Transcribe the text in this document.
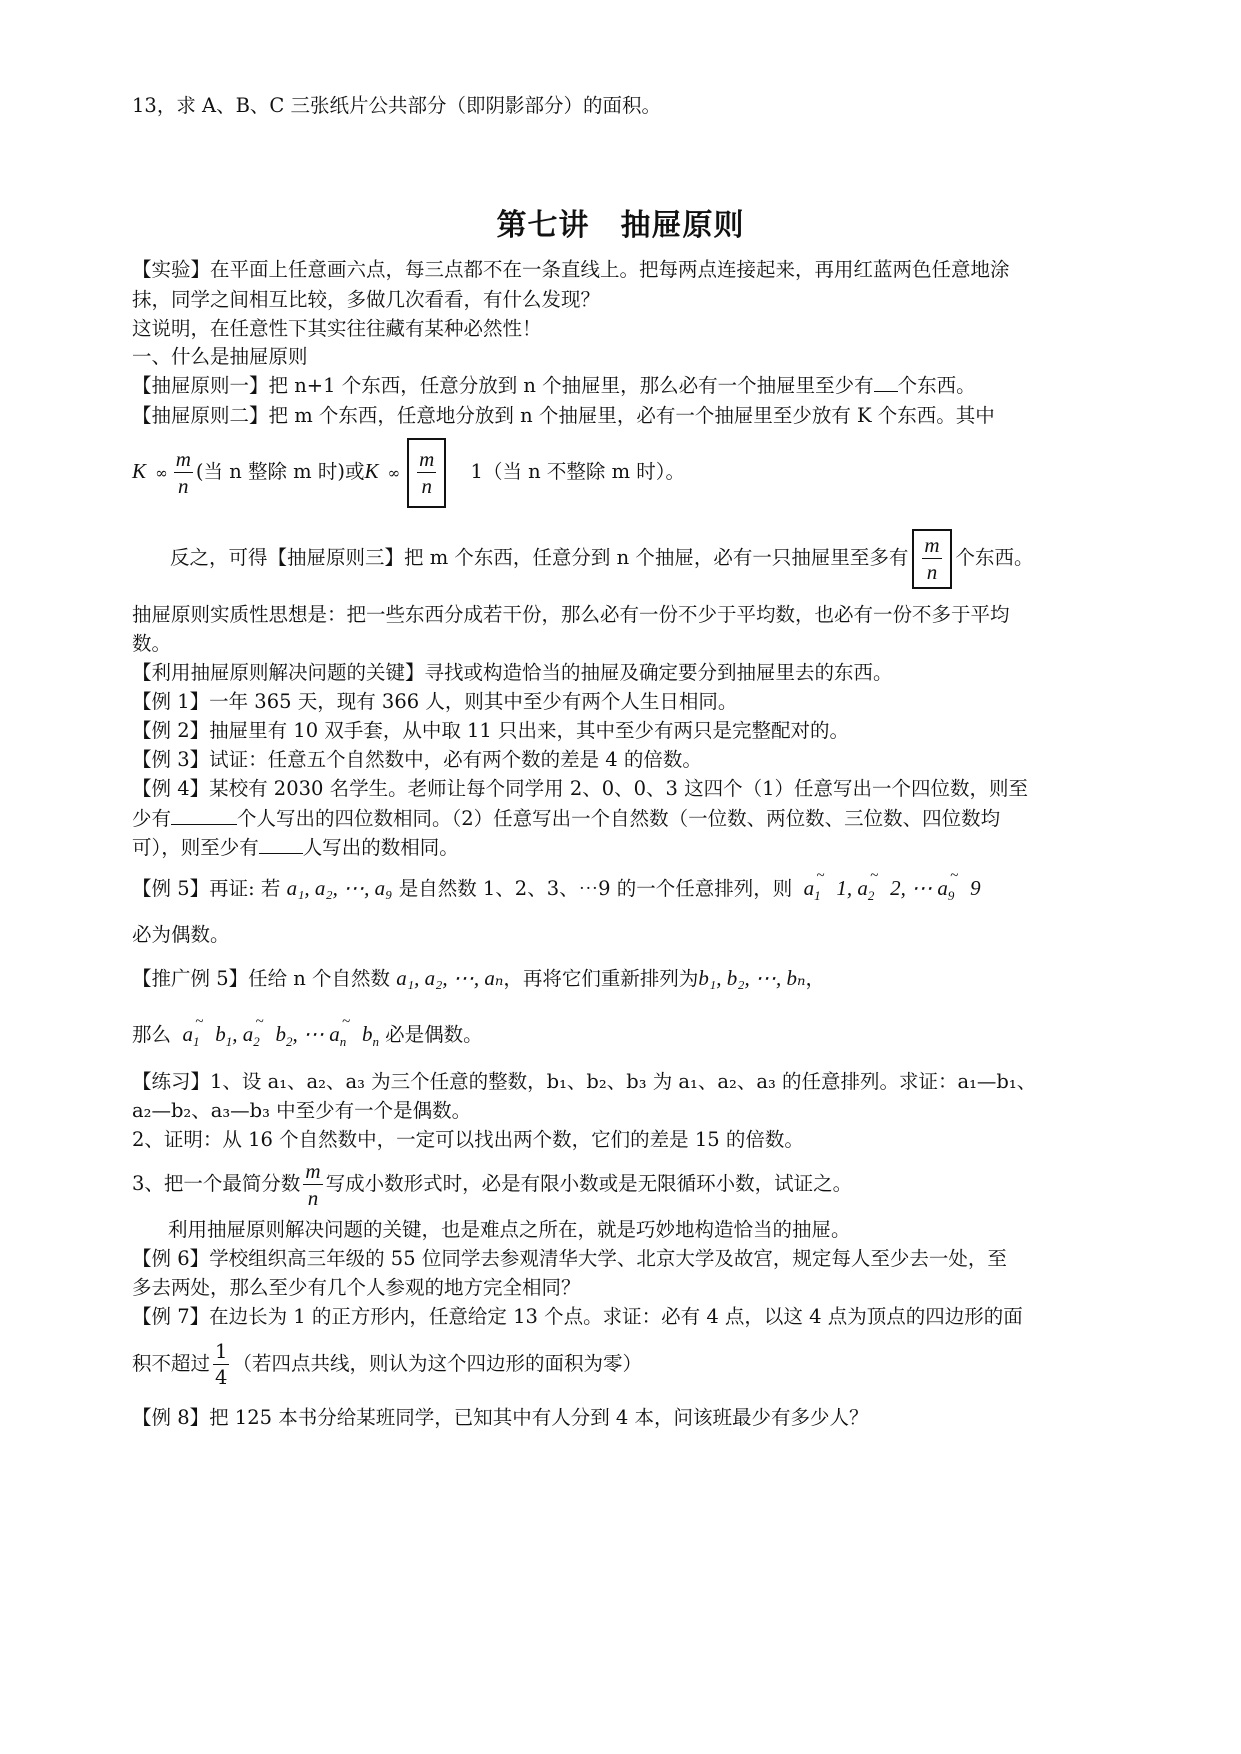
13，求 A、B、C 三张纸片公共部分（即阴影部分）的面积。
第七讲　抽屉原则
【实验】在平面上任意画六点，每三点都不在一条直线上。把每两点连接起来，再用红蓝两色任意地涂
抹，同学之间相互比较，多做几次看看，有什么发现？
这说明，在任意性下其实往往藏有某种必然性！
一、什么是抽屉原则
【抽屉原则一】把 n+1 个东西，任意分放到 n 个抽屉里，那么必有一个抽屉里至少有 个东西。
【抽屉原则二】把 m 个东西，任意地分放到 n 个抽屉里，必有一个抽屉里至少放有 K 个东西。其中
K ∞ $\frac{m}{n}$ (当 n 整除 m 时)或K ∞ $\frac{m}{n} 1$（当 n 不整除 m 时）。
反之，可得【抽屉原则三】把 m 个东西，任意分到 n 个抽屉，必有一只抽屉里至多有 $\frac{m}{n}$ 个东西。
抽屉原则实质性思想是：把一些东西分成若干份，那么必有一份不少于平均数，也必有一份不多于平均
数。
【利用抽屉原则解决问题的关键】寻找或构造恰当的抽屉及确定要分到抽屉里去的东西。
【例 1】一年 365 天，现有 366 人，则其中至少有两个人生日相同。
【例 2】抽屉里有 10 双手套，从中取 11 只出来，其中至少有两只是完整配对的。
【例 3】试证：任意五个自然数中，必有两个数的差是 4 的倍数。
【例 4】某校有 2030 名学生。老师让每个同学用 2、0、0、3 这四个（1）任意写出一个四位数，则至
少有	个人写出的四位数相同。（2）任意写出一个自然数（一位数、两位数、三位数、四位数均
可），则至少有 人写出的数相同。
【例 5】再证: 若 a₁, a₂, ⋯, a₉ 是自然数 1、2、3、⋯9 的一个任意排列，则 ~ $a_1$   1, ~ $a_2$   2, ⋯ ~ $a_9$   9
必为偶数。
【推广例 5】任给 n 个自然数 a₁, a₂, ⋯, aₙ，再将它们重新排列为b₁, b₂, ⋯, bₙ，
那么 ~ $a_1$   $b_1$, ~ $a_2$   $b_2$, ⋯ ~ $a_n$   $b_n$ 必是偶数。
【练习】1、设 a₁、a₂、a₃ 为三个任意的整数，b₁、b₂、b₃ 为 a₁、a₂、a₃ 的任意排列。求证：a₁—b₁、
a₂—b₂、a₃—b₃ 中至少有一个是偶数。
2、证明：从 16 个自然数中，一定可以找出两个数，它们的差是 15 的倍数。
3、把一个最简分数 $\frac{m}{n}$ 写成小数形式时，必是有限小数或是无限循环小数，试证之。
利用抽屉原则解决问题的关键，也是难点之所在，就是巧妙地构造恰当的抽屉。
【例 6】学校组织高三年级的 55 位同学去参观清华大学、北京大学及故宫，规定每人至少去一处，至
多去两处，那么至少有几个人参观的地方完全相同？
【例 7】在边长为 1 的正方形内，任意给定 13 个点。求证：必有 4 点，以这 4 点为顶点的四边形的面
积不超过 $\frac{1}{4}$ （若四点共线，则认为这个四边形的面积为零）
【例 8】把 125 本书分给某班同学，已知其中有人分到 4 本，问该班最少有多少人？
